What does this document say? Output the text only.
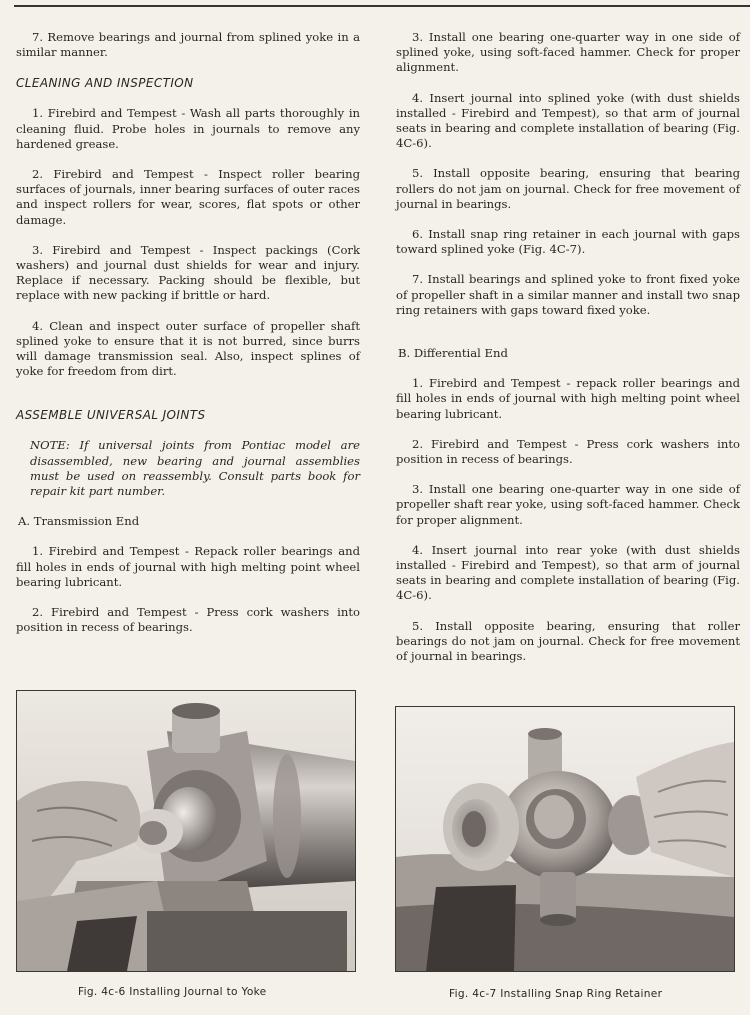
7. Remove bearings and journal from splined yoke in a similar manner.

CLEANING AND INSPECTION

1. Firebird and Tempest - Wash all parts thoroughly in cleaning fluid. Probe holes in journals to remove any hardened grease.

2. Firebird and Tempest - Inspect roller bearing surfaces of journals, inner bearing surfaces of outer races and inspect rollers for wear, scores, flat spots or other damage.

3. Firebird and Tempest - Inspect packings (Cork washers) and journal dust shields for wear and injury. Replace if necessary. Packing should be flexible, but replace with new packing if brittle or hard.

4. Clean and inspect outer surface of propeller shaft splined yoke to ensure that it is not burred, since burrs will damage transmission seal. Also, inspect splines of yoke for freedom from dirt.

ASSEMBLE UNIVERSAL JOINTS

NOTE: If universal joints from Pontiac model are disassembled, new bearing and journal assemblies must be used on reassembly. Consult parts book for repair kit part number.

A. Transmission End

1. Firebird and Tempest - Repack roller bearings and fill holes in ends of journal with high melting point wheel bearing lubricant.

2. Firebird and Tempest - Press cork washers into position in recess of bearings.

3. Install one bearing one-quarter way in one side of splined yoke, using soft-faced hammer. Check for proper alignment.

4. Insert journal into splined yoke (with dust shields installed - Firebird and Tempest), so that arm of journal seats in bearing and complete installation of bearing (Fig. 4C-6).

5. Install opposite bearing, ensuring that bearing rollers do not jam on journal. Check for free movement of journal in bearings.

6. Install snap ring retainer in each journal with gaps toward splined yoke (Fig. 4C-7).

7. Install bearings and splined yoke to front fixed yoke of propeller shaft in a similar manner and install two snap ring retainers with gaps toward fixed yoke.

B. Differential End

1. Firebird and Tempest - repack roller bearings and fill holes in ends of journal with high melting point wheel bearing lubricant.

2. Firebird and Tempest - Press cork washers into position in recess of bearings.

3. Install one bearing one-quarter way in one side of propeller shaft rear yoke, using soft-faced hammer. Check for proper alignment.

4. Insert journal into rear yoke (with dust shields installed - Firebird and Tempest), so that arm of journal seats in bearing and complete installation of bearing (Fig. 4C-6).

5. Install opposite bearing, ensuring that roller bearings do not jam on journal. Check for free movement of journal in bearings.

Fig. 4c-6 Installing Journal to Yoke	Fig. 4c-7 Installing Snap Ring Retainer
